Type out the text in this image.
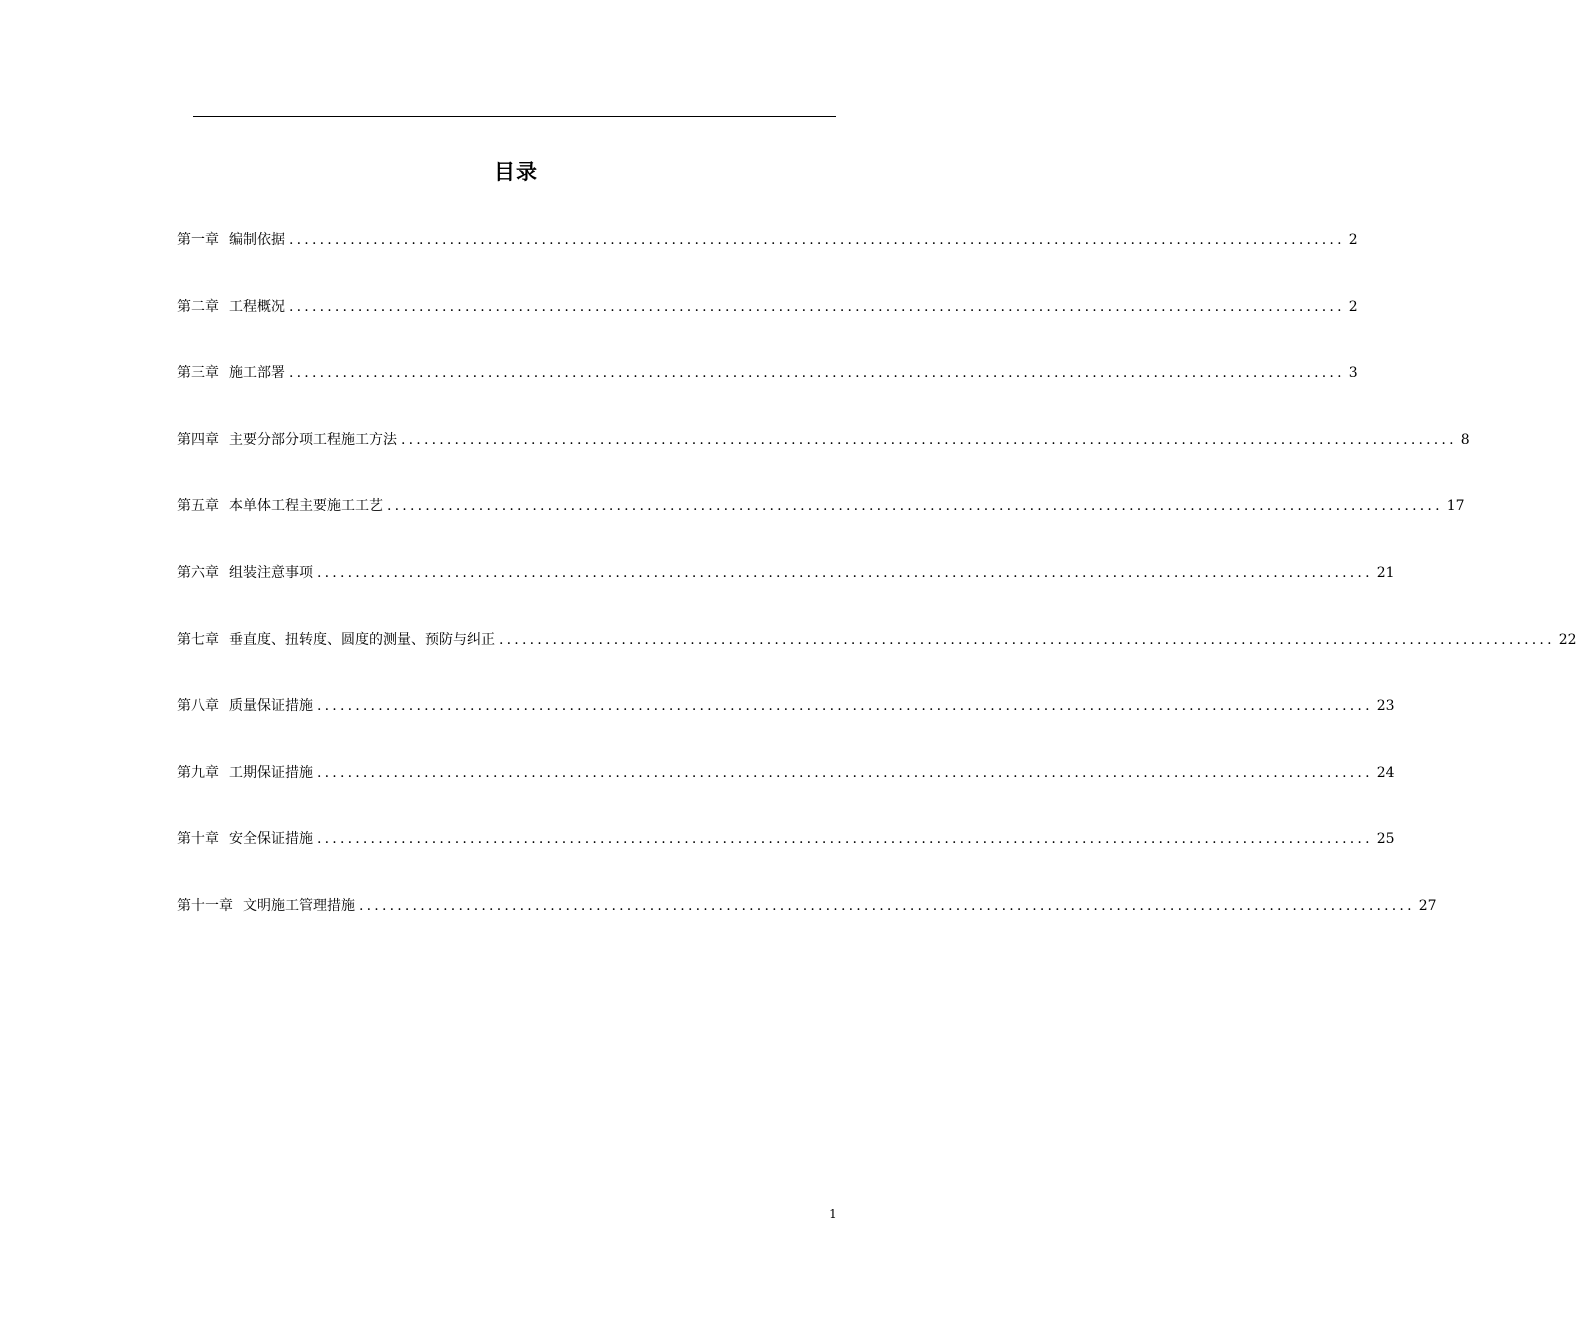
目录
第一章 编制依据 .......................................................................................................................................... 2
第二章 工程概况 .......................................................................................................................................... 2
第三章 施工部署 .......................................................................................................................................... 3
第四章 主要分部分项工程施工方法 .......................................................................................................................................... 8
第五章 本单体工程主要施工工艺 .......................................................................................................................................... 17
第六章 组装注意事项 .......................................................................................................................................... 21
第七章 垂直度、扭转度、圆度的测量、预防与纠正 .......................................................................................................................................... 22
第八章 质量保证措施 .......................................................................................................................................... 23
第九章 工期保证措施 .......................................................................................................................................... 24
第十章 安全保证措施 .......................................................................................................................................... 25
第十一章 文明施工管理措施 .......................................................................................................................................... 27
1
